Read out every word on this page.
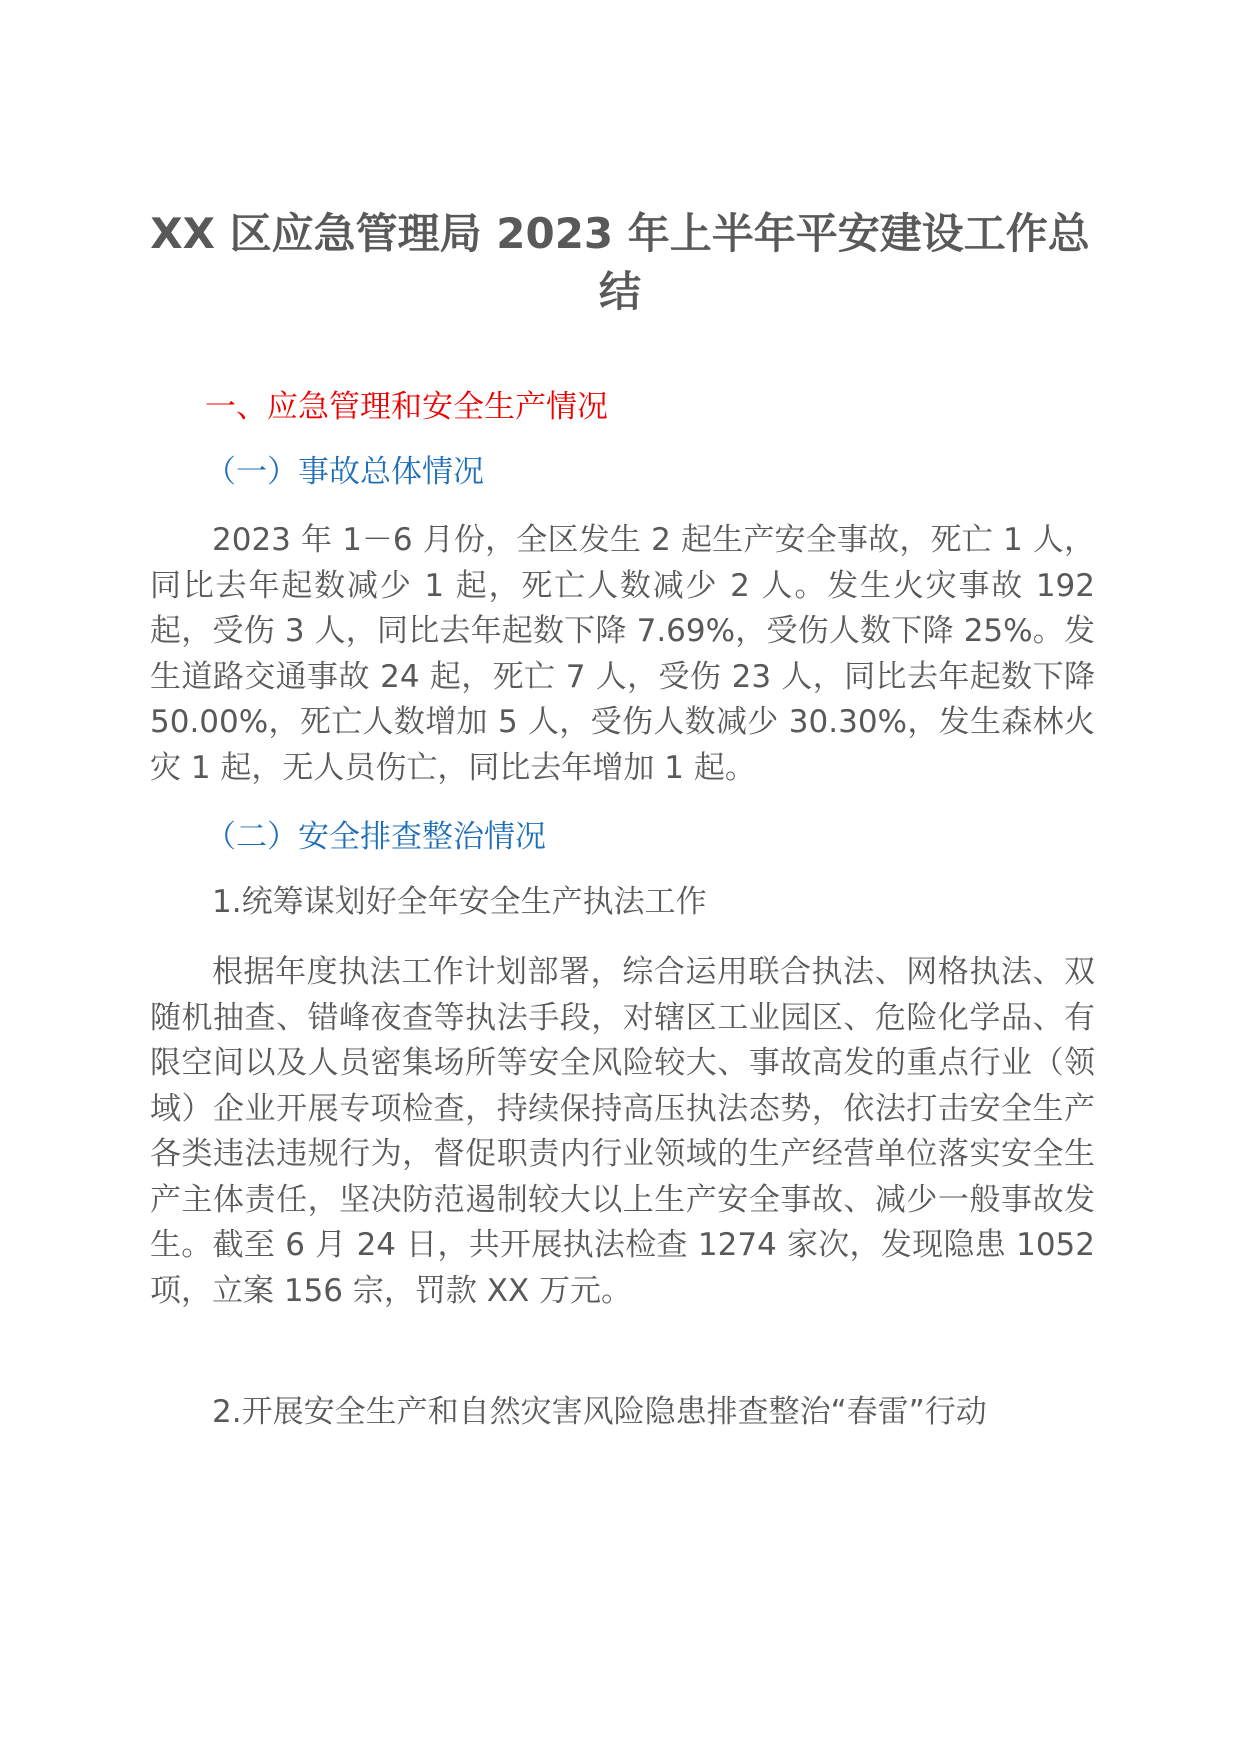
XX 区应急管理局 2023 年上半年平安建设工作总结

一、应急管理和安全生产情况

（一）事故总体情况

2023 年 1－6 月份，全区发生 2 起生产安全事故，死亡 1 人，同比去年起数减少 1 起，死亡人数减少 2 人。发生火灾事故 192 起，受伤 3 人，同比去年起数下降 7.69%，受伤人数下降 25%。发生道路交通事故 24 起，死亡 7 人，受伤 23 人，同比去年起数下降 50.00%，死亡人数增加 5 人，受伤人数减少 30.30%，发生森林火灾 1 起，无人员伤亡，同比去年增加 1 起。

（二）安全排查整治情况

1.统筹谋划好全年安全生产执法工作

根据年度执法工作计划部署，综合运用联合执法、网格执法、双随机抽查、错峰夜查等执法手段，对辖区工业园区、危险化学品、有限空间以及人员密集场所等安全风险较大、事故高发的重点行业（领域）企业开展专项检查，持续保持高压执法态势，依法打击安全生产各类违法违规行为，督促职责内行业领域的生产经营单位落实安全生产主体责任，坚决防范遏制较大以上生产安全事故、减少一般事故发生。截至 6 月 24 日，共开展执法检查 1274 家次，发现隐患 1052 项，立案 156 宗，罚款 XX 万元。

2.开展安全生产和自然灾害风险隐患排查整治“春雷”行动
